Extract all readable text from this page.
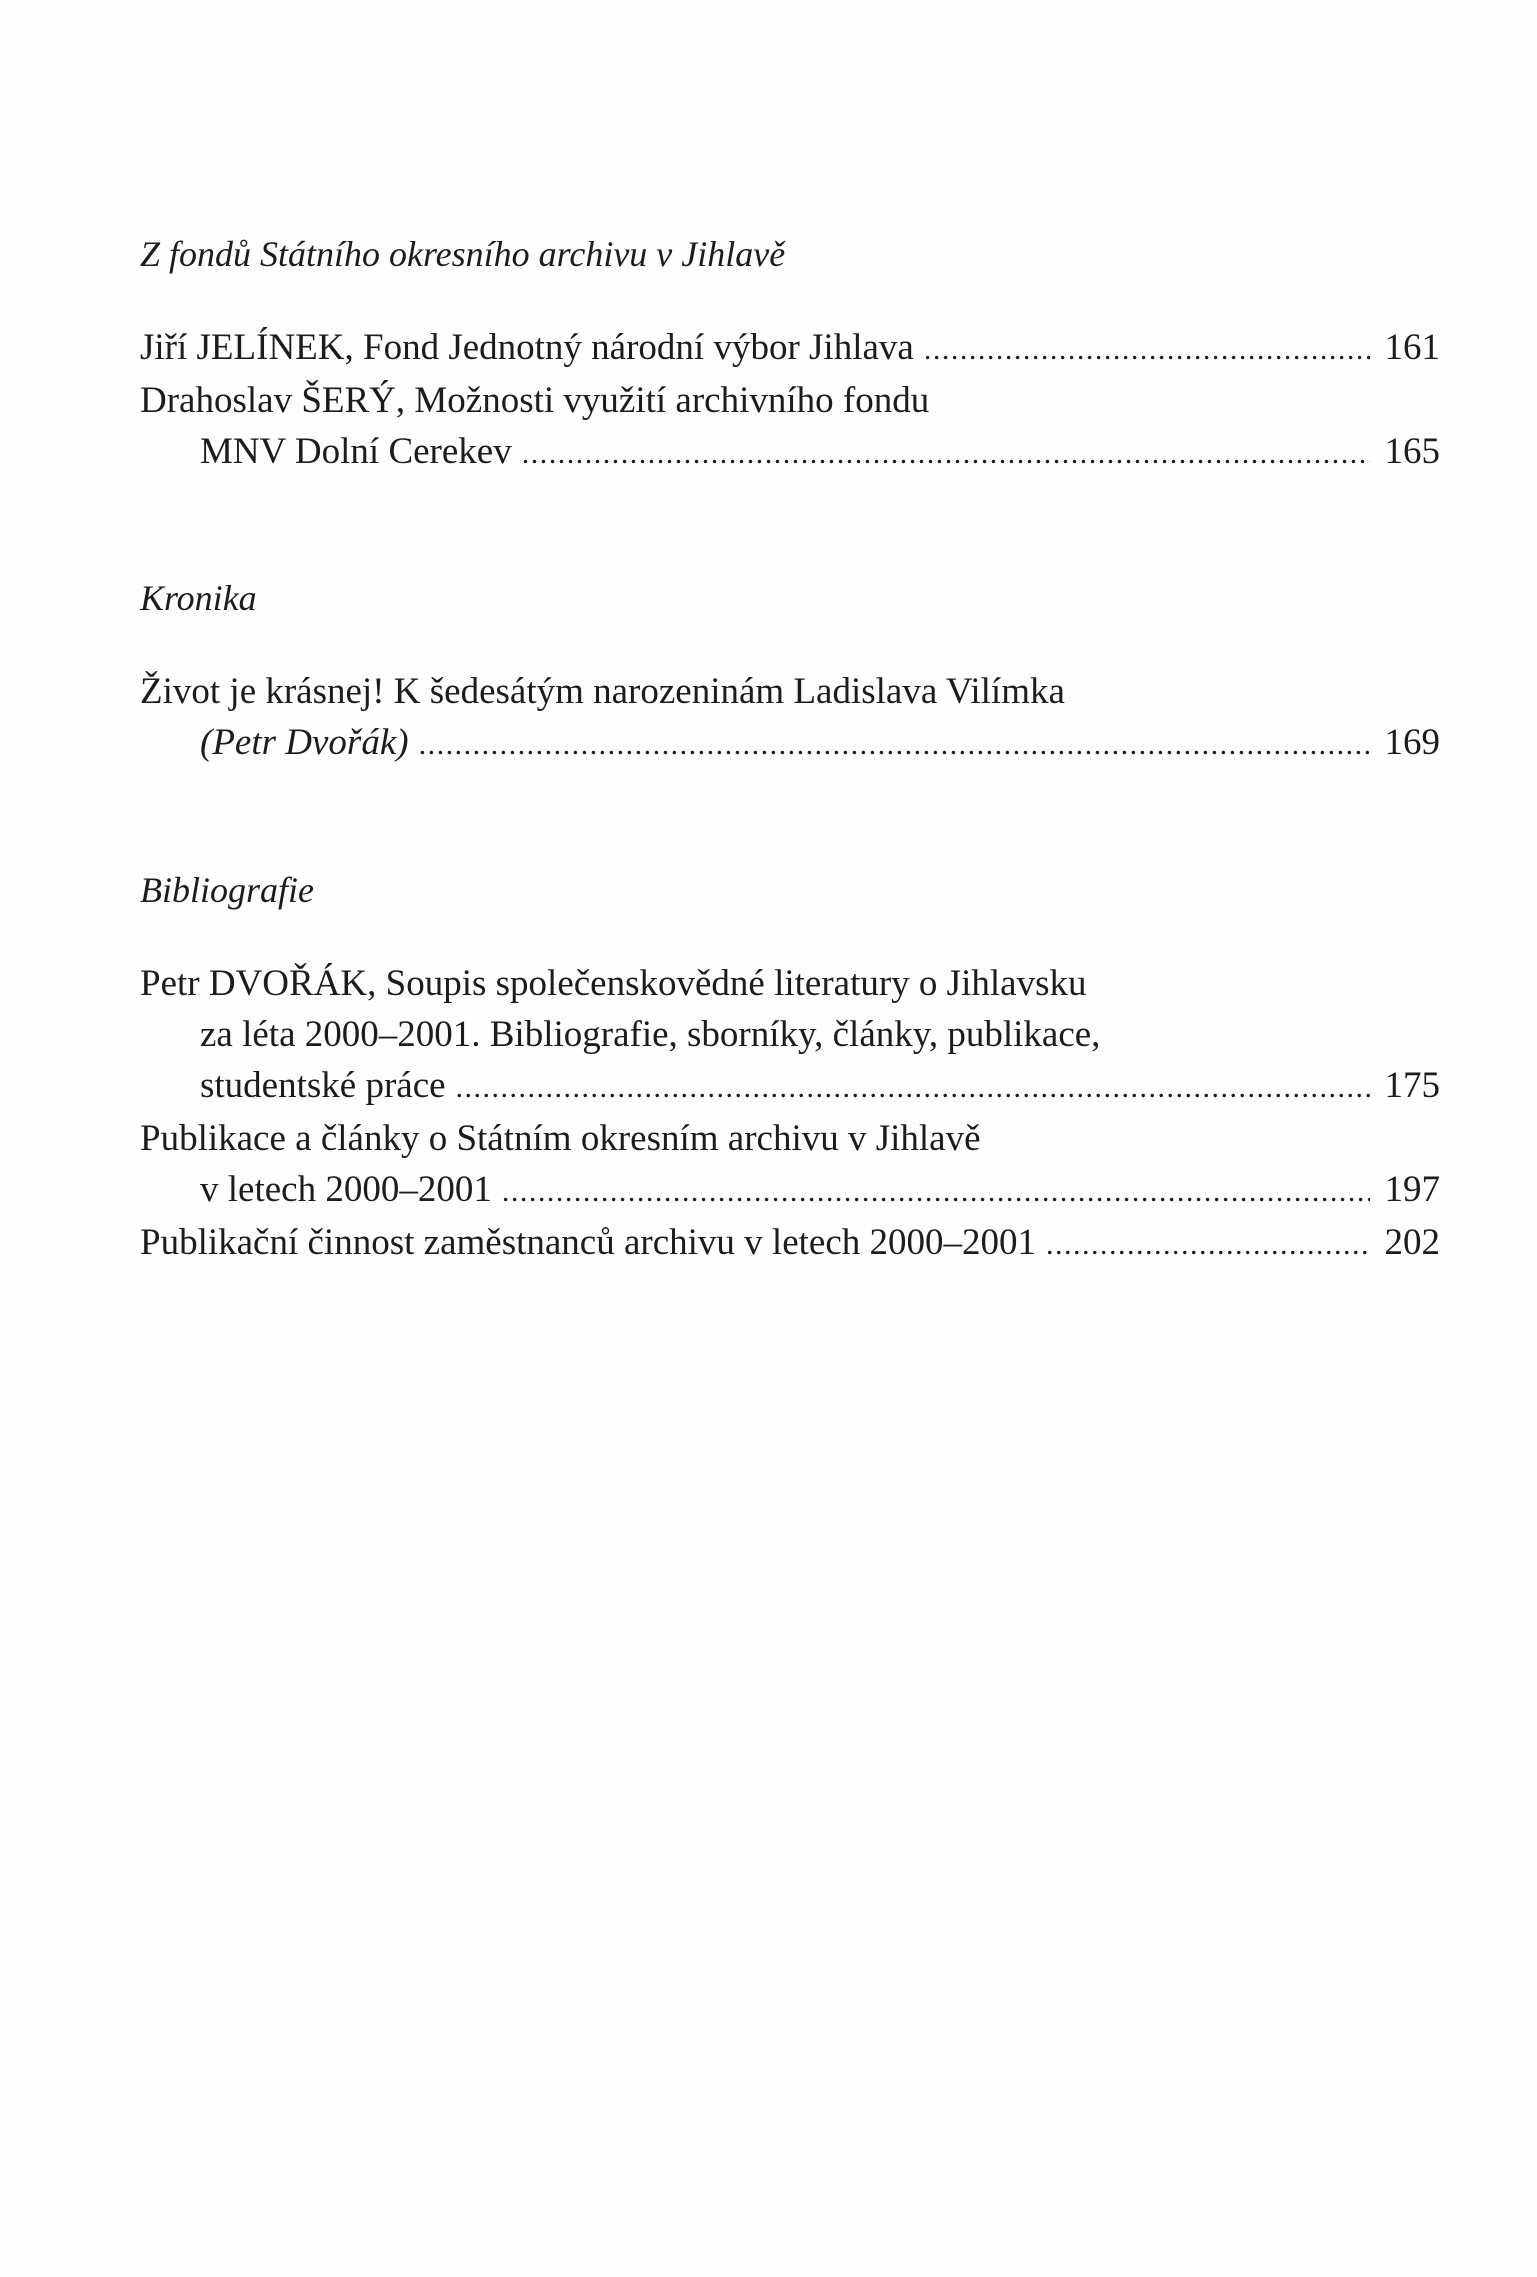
Z fondů Státního okresního archivu v Jihlavě
Jiří JELÍNEK, Fond Jednotný národní výbor Jihlava . . .	161
Drahoslav ŠERÝ, Možnosti využití archivního fondu
MNV Dolní Cerekev . . .	165
Kronika
Život je krásnej! K šedesátým narozeninám Ladislava Vilímka
(Petr Dvořák) . . .	169
Bibliografie
Petr DVOŘÁK, Soupis společenskovědné literatury o Jihlavsku
za léta 2000–2001. Bibliografie, sborníky, články, publikace,
studentské práce . . .	175
Publikace a články o Státním okresním archivu v Jihlavě
v letech 2000–2001 . . .	197
Publikační činnost zaměstnanců archivu v letech 2000–2001 . . .	202
